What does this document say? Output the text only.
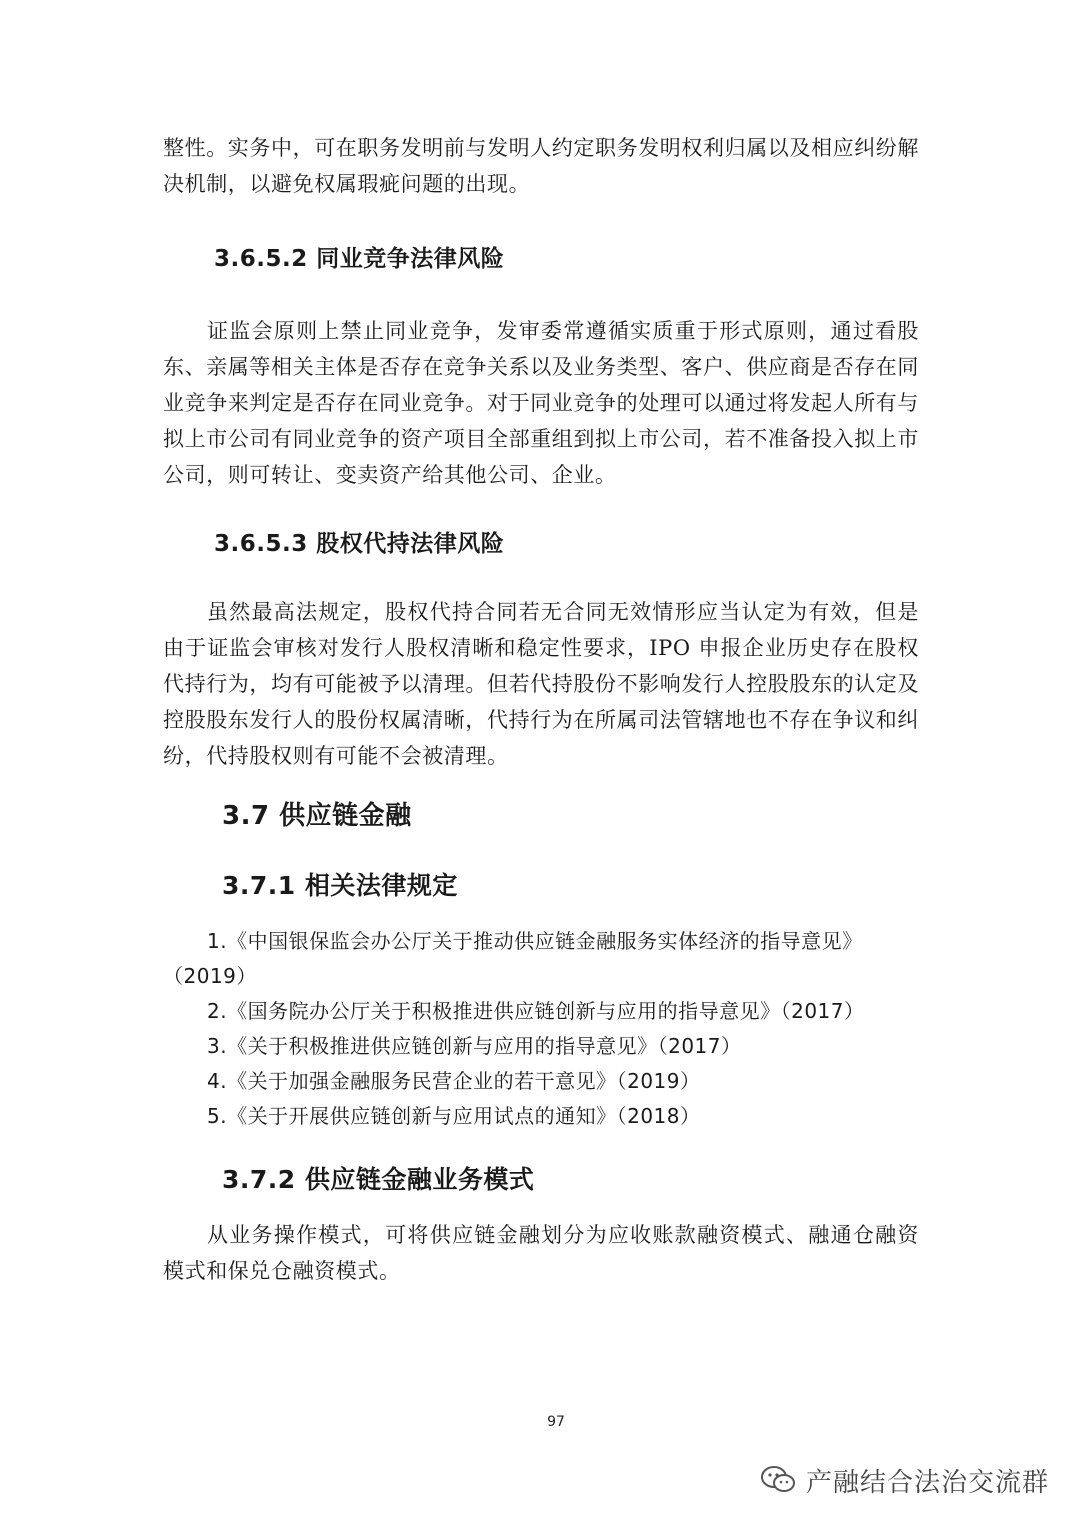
整性。实务中，可在职务发明前与发明人约定职务发明权利归属以及相应纠纷解决机制，以避免权属瑕疵问题的出现。

3.6.5.2 同业竞争法律风险

证监会原则上禁止同业竞争，发审委常遵循实质重于形式原则，通过看股东、亲属等相关主体是否存在竞争关系以及业务类型、客户、供应商是否存在同业竞争来判定是否存在同业竞争。对于同业竞争的处理可以通过将发起人所有与拟上市公司有同业竞争的资产项目全部重组到拟上市公司，若不准备投入拟上市公司，则可转让、变卖资产给其他公司、企业。

3.6.5.3 股权代持法律风险

虽然最高法规定，股权代持合同若无合同无效情形应当认定为有效，但是由于证监会审核对发行人股权清晰和稳定性要求，IPO 申报企业历史存在股权代持行为，均有可能被予以清理。但若代持股份不影响发行人控股股东的认定及控股股东发行人的股份权属清晰，代持行为在所属司法管辖地也不存在争议和纠纷，代持股权则有可能不会被清理。

3.7 供应链金融
3.7.1 相关法律规定
1.《中国银保监会办公厅关于推动供应链金融服务实体经济的指导意见》
（2019）
2.《国务院办公厅关于积极推进供应链创新与应用的指导意见》（2017）
3.《关于积极推进供应链创新与应用的指导意见》（2017）
4.《关于加强金融服务民营企业的若干意见》（2019）
5.《关于开展供应链创新与应用试点的通知》（2018）
3.7.2 供应链金融业务模式

从业务操作模式，可将供应链金融划分为应收账款融资模式、融通仓融资模式和保兑仓融资模式。

97
产融结合法治交流群
